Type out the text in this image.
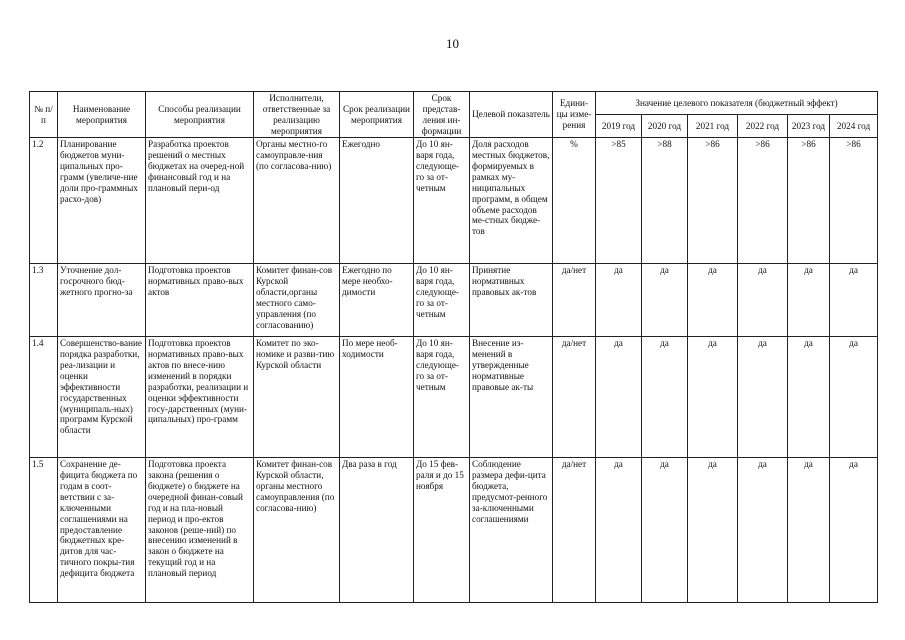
10
№ п/п	Наименование мероприятия	Способы реализации мероприятия	Исполнители, ответственные за реализацию мероприятия	Срок реализации мероприятия	Срок представ-ления ин-формации	Целевой показатель	Едини-цы изме-рения	Значение целевого показателя (бюджетный эффект)					
								2019 год	2020 год	2021 год	2022 год	2023 год	2024 год
1.2	Планирование бюджетов муни-ципальных про-грамм (увеличе-ние доли про-граммных расхо-дов)	Разработка проектов решений о местных бюджетах на очеред-ной финансовый год и на плановый пери-од	Органы местно-го самоуправле-ния (по согласова-нию)	Ежегодно	До 10 ян-варя года, следующе-го за от-четным	Доля расходов местных бюджетов, формируемых в рамках му-ниципальных программ, в общем объеме расходов ме-стных бюдже-тов	%	>85	>88	>86	>86	>86	>86
1.3	Уточнение дол-госрочного бюд-жетного прогно-за	Подготовка проектов нормативных право-вых актов	Комитет финан-сов Курской области,органы местного само-управления (по согласованию)	Ежегодно по мере необхо-димости	До 10 ян-варя года, следующе-го за от-четным	Принятие нормативных правовых ак-тов	да/нет	да	да	да	да	да	да
1.4	Совершенство-вание порядка разработки, реа-лизации и оценки эффективности государственных (муниципаль-ных) программ Курской области	Подготовка проектов нормативных право-вых актов по внесе-нию изменений в порядки разработки, реализации и оценки эффективности госу-дарственных (муни-ципальных) про-грамм	Комитет по эко-номике и разви-тию Курской области	По мере необ-ходимости	До 10 ян-варя года, следующе-го за от-четным	Внесение из-менений в утвержденные нормативные правовые ак-ты	да/нет	да	да	да	да	да	да
1.5	Сохранение де-фицита бюджета по годам в соот-ветствии с за-ключенными соглашениями на предоставление бюджетных кре-дитов для час-тичного покры-тия дефицита бюджета	Подготовка проекта закона (решения о бюджете) о бюджете на очередной финан-совый год и на пла-новый период и про-ектов законов (реше-ний) по внесению изменений в закон о бюджете на текущий год и на плановый период	Комитет финан-сов Курской области, органы местного самоуправления (по согласова-нию)	Два раза в год	До 15 фев-раля и до 15 ноября	Соблюдение размера дефи-цита бюджета, предусмот-ренного за-ключенными соглашениями	да/нет	да	да	да	да	да	да
